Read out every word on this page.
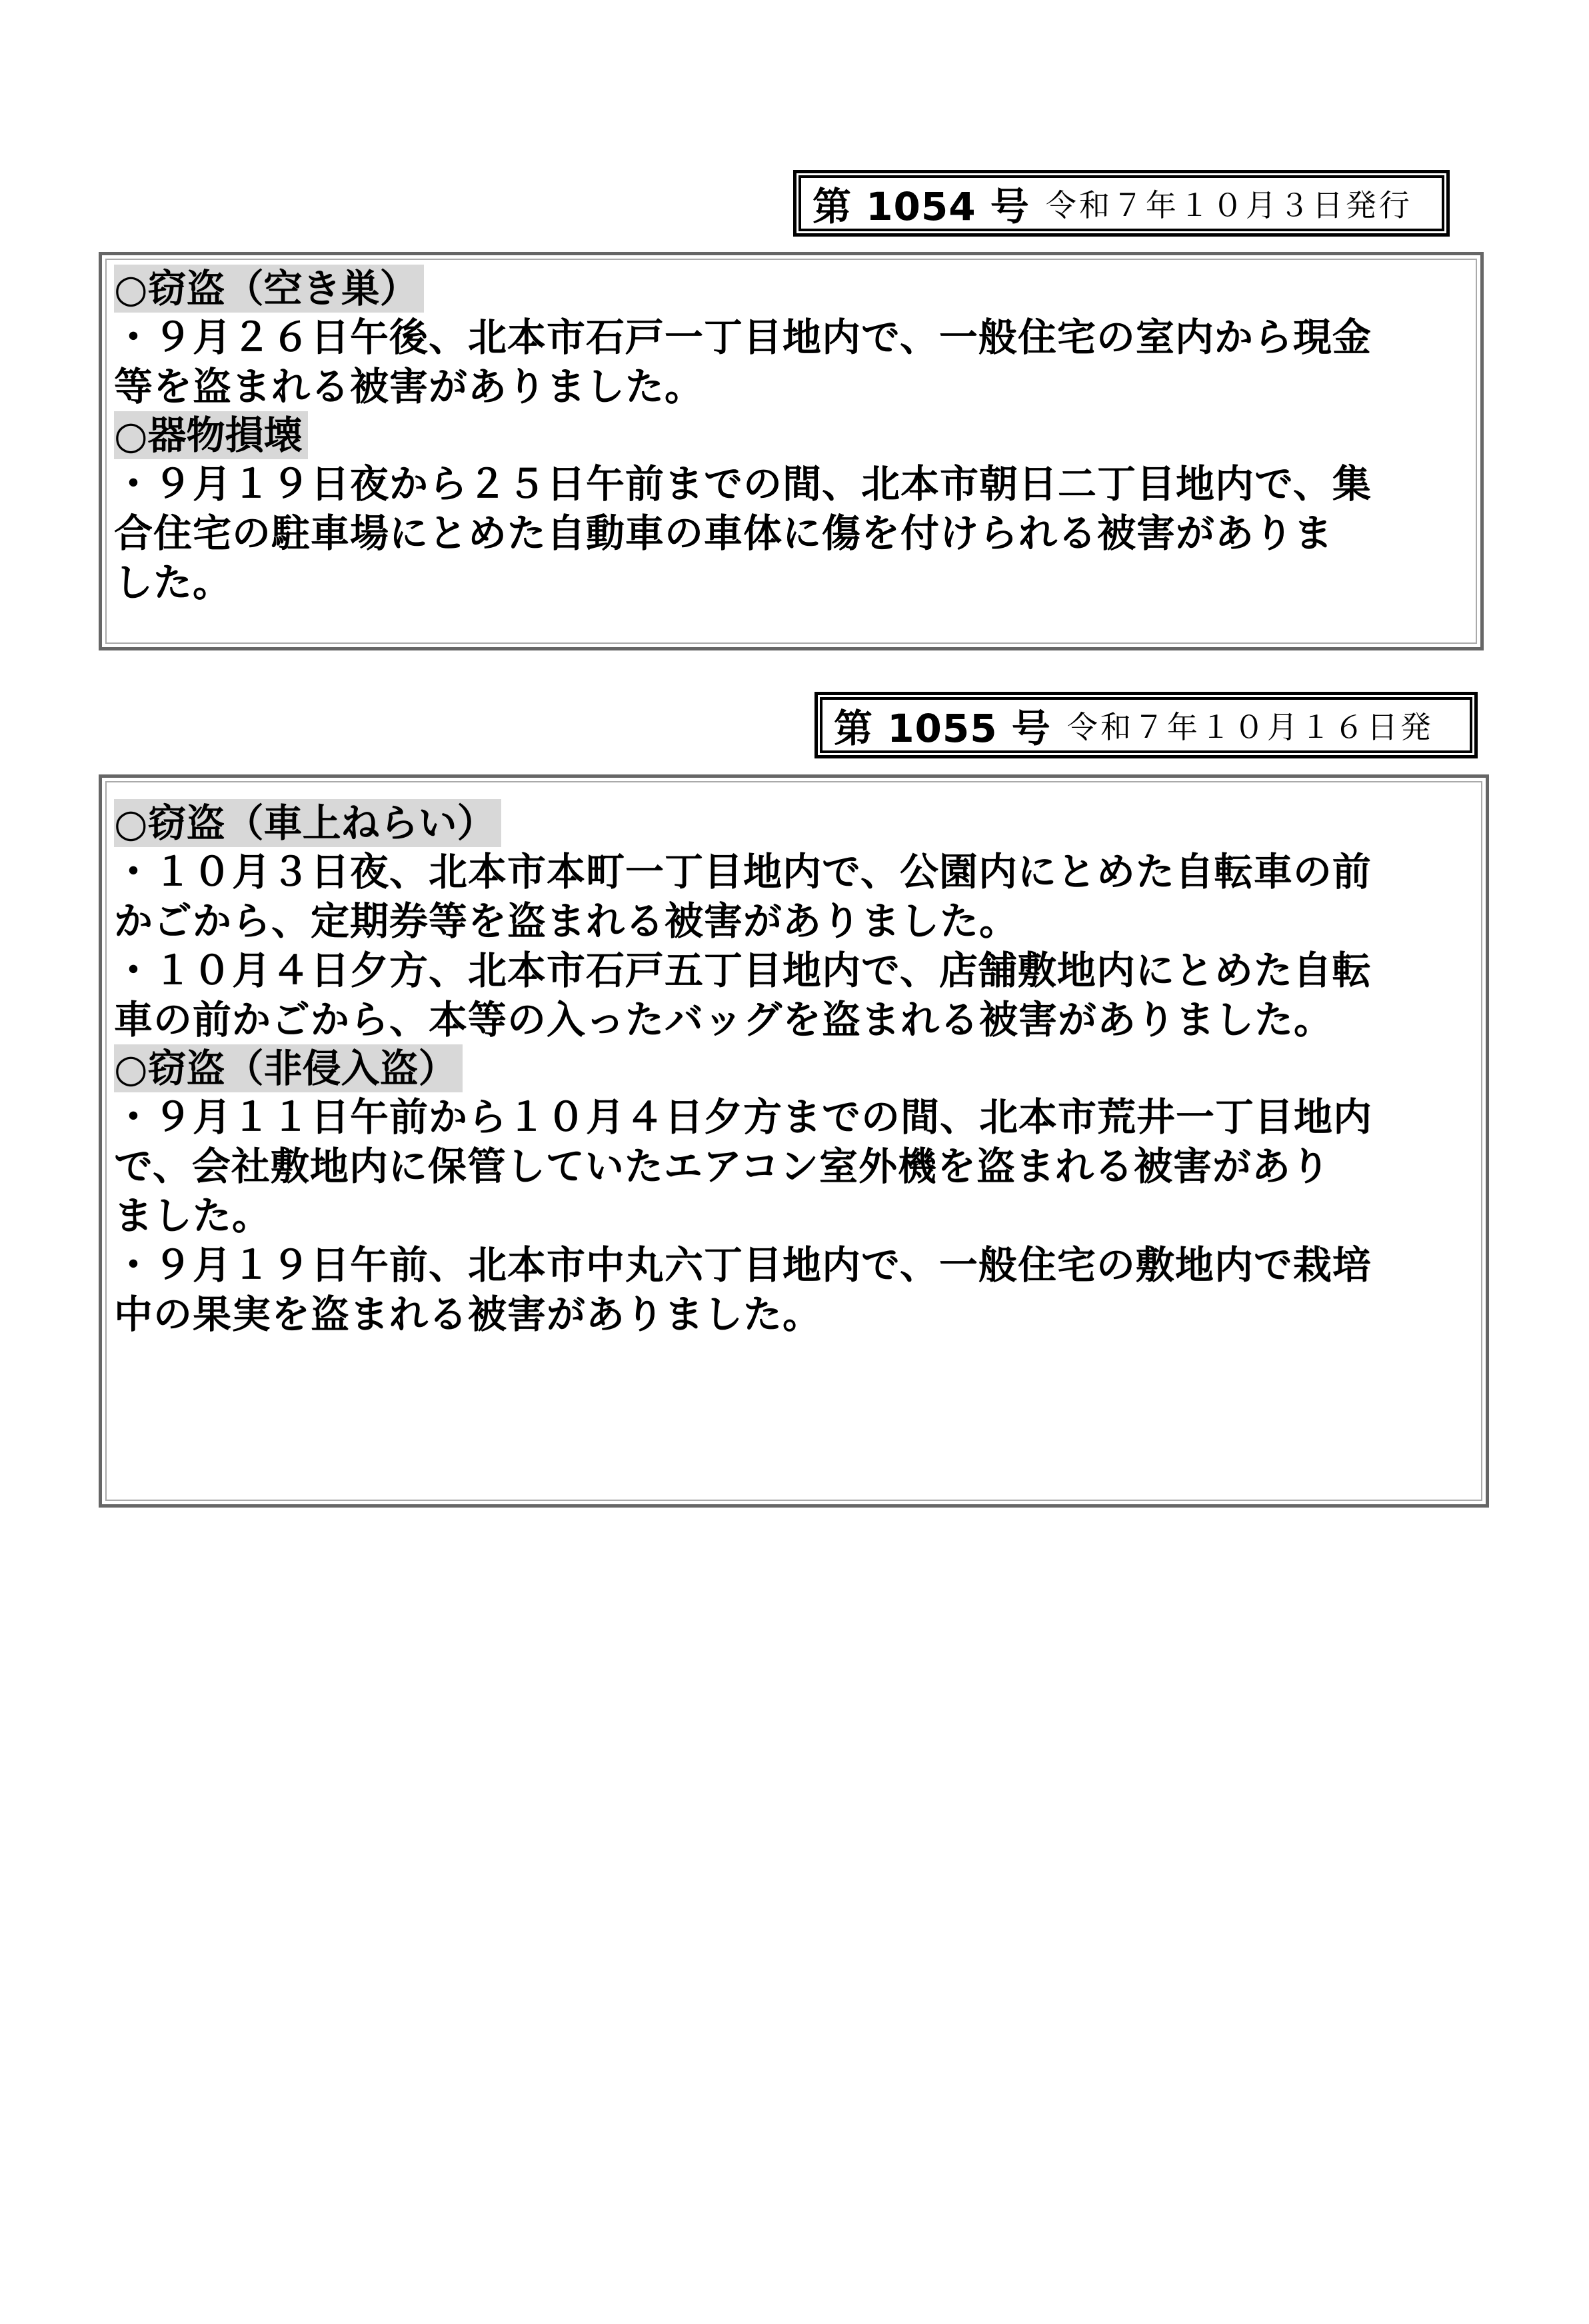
第 1054 号 令和７年１０月３日発行
○窃盗（空き巣）

・９月２６日午後、北本市石戸一丁目地内で、一般住宅の室内から現金

等を盗まれる被害がありました。

○器物損壊

・９月１９日夜から２５日午前までの間、北本市朝日二丁目地内で、集

合住宅の駐車場にとめた自動車の車体に傷を付けられる被害がありま

した。

第 1055 号 令和７年１０月１６日発
○窃盗（車上ねらい）

・１０月３日夜、北本市本町一丁目地内で、公園内にとめた自転車の前

かごから、定期券等を盗まれる被害がありました。

・１０月４日夕方、北本市石戸五丁目地内で、店舗敷地内にとめた自転

車の前かごから、本等の入ったバッグを盗まれる被害がありました。

○窃盗（非侵入盗）

・９月１１日午前から１０月４日夕方までの間、北本市荒井一丁目地内

で、会社敷地内に保管していたエアコン室外機を盗まれる被害があり

ました。

・９月１９日午前、北本市中丸六丁目地内で、一般住宅の敷地内で栽培

中の果実を盗まれる被害がありました。
